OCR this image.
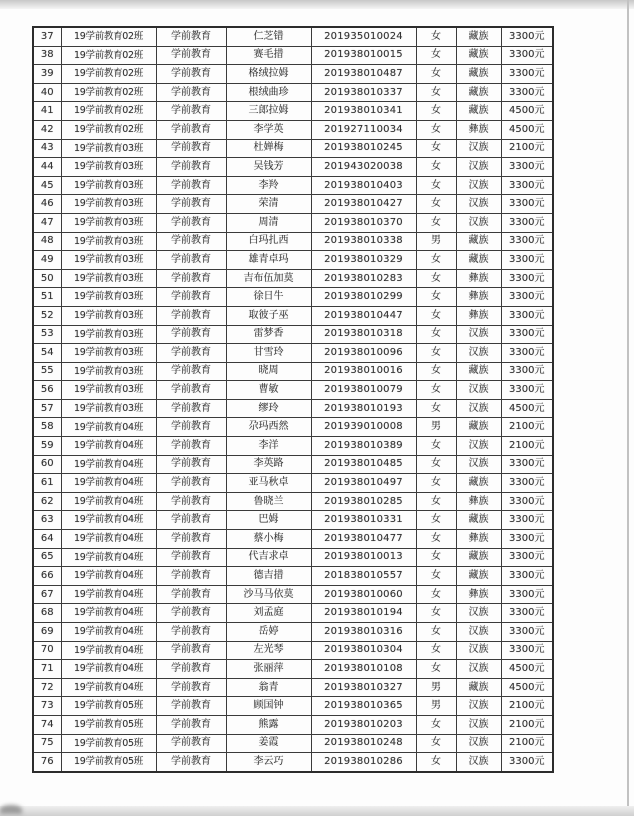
37	19学前教育02班	学前教育	仁芝错	201935010024	女	藏族	3300元
38	19学前教育02班	学前教育	赛毛措	201938010015	女	藏族	3300元
39	19学前教育02班	学前教育	格绒拉姆	201938010487	女	藏族	3300元
40	19学前教育02班	学前教育	根绒曲珍	201938010337	女	藏族	3300元
41	19学前教育02班	学前教育	三郎拉姆	201938010341	女	藏族	4500元
42	19学前教育02班	学前教育	李学英	201927110034	女	彝族	4500元
43	19学前教育03班	学前教育	杜婵梅	201938010245	女	汉族	2100元
44	19学前教育03班	学前教育	吴钱芳	201943020038	女	汉族	3300元
45	19学前教育03班	学前教育	李羚	201938010403	女	汉族	3300元
46	19学前教育03班	学前教育	荣清	201938010427	女	汉族	3300元
47	19学前教育03班	学前教育	周清	201938010370	女	汉族	3300元
48	19学前教育03班	学前教育	白玛扎西	201938010338	男	藏族	3300元
49	19学前教育03班	学前教育	雄青卓玛	201938010329	女	藏族	3300元
50	19学前教育03班	学前教育	吉布伍加莫	201938010283	女	彝族	3300元
51	19学前教育03班	学前教育	徐日牛	201938010299	女	彝族	3300元
52	19学前教育03班	学前教育	取彼子巫	201938010447	女	彝族	3300元
53	19学前教育03班	学前教育	雷梦香	201938010318	女	汉族	3300元
54	19学前教育03班	学前教育	甘雪玲	201938010096	女	汉族	3300元
55	19学前教育03班	学前教育	晓周	201938010016	女	藏族	3300元
56	19学前教育03班	学前教育	曹敏	201938010079	女	汉族	3300元
57	19学前教育03班	学前教育	缪玲	201938010193	女	汉族	4500元
58	19学前教育04班	学前教育	尕玛西然	201939010008	男	藏族	2100元
59	19学前教育04班	学前教育	李洋	201938010389	女	汉族	2100元
60	19学前教育04班	学前教育	李英路	201938010485	女	汉族	3300元
61	19学前教育04班	学前教育	亚马秋卓	201938010497	女	藏族	3300元
62	19学前教育04班	学前教育	鲁晓兰	201938010285	女	彝族	3300元
63	19学前教育04班	学前教育	巴姆	201938010331	女	藏族	3300元
64	19学前教育04班	学前教育	蔡小梅	201938010477	女	彝族	3300元
65	19学前教育04班	学前教育	代吉求卓	201938010013	女	藏族	3300元
66	19学前教育04班	学前教育	德吉措	201838010557	女	藏族	3300元
67	19学前教育04班	学前教育	沙马马依莫	201938010060	女	彝族	3300元
68	19学前教育04班	学前教育	刘孟庭	201938010194	女	汉族	3300元
69	19学前教育04班	学前教育	岳婷	201938010316	女	汉族	3300元
70	19学前教育04班	学前教育	左光琴	201938010304	女	汉族	3300元
71	19学前教育04班	学前教育	张丽萍	201938010108	女	汉族	4500元
72	19学前教育04班	学前教育	翁青	201938010327	男	藏族	4500元
73	19学前教育05班	学前教育	顾国钟	201938010365	男	汉族	2100元
74	19学前教育05班	学前教育	熊露	201938010203	女	汉族	2100元
75	19学前教育05班	学前教育	姜霞	201938010248	女	汉族	2100元
76	19学前教育05班	学前教育	李云巧	201938010286	女	汉族	3300元
